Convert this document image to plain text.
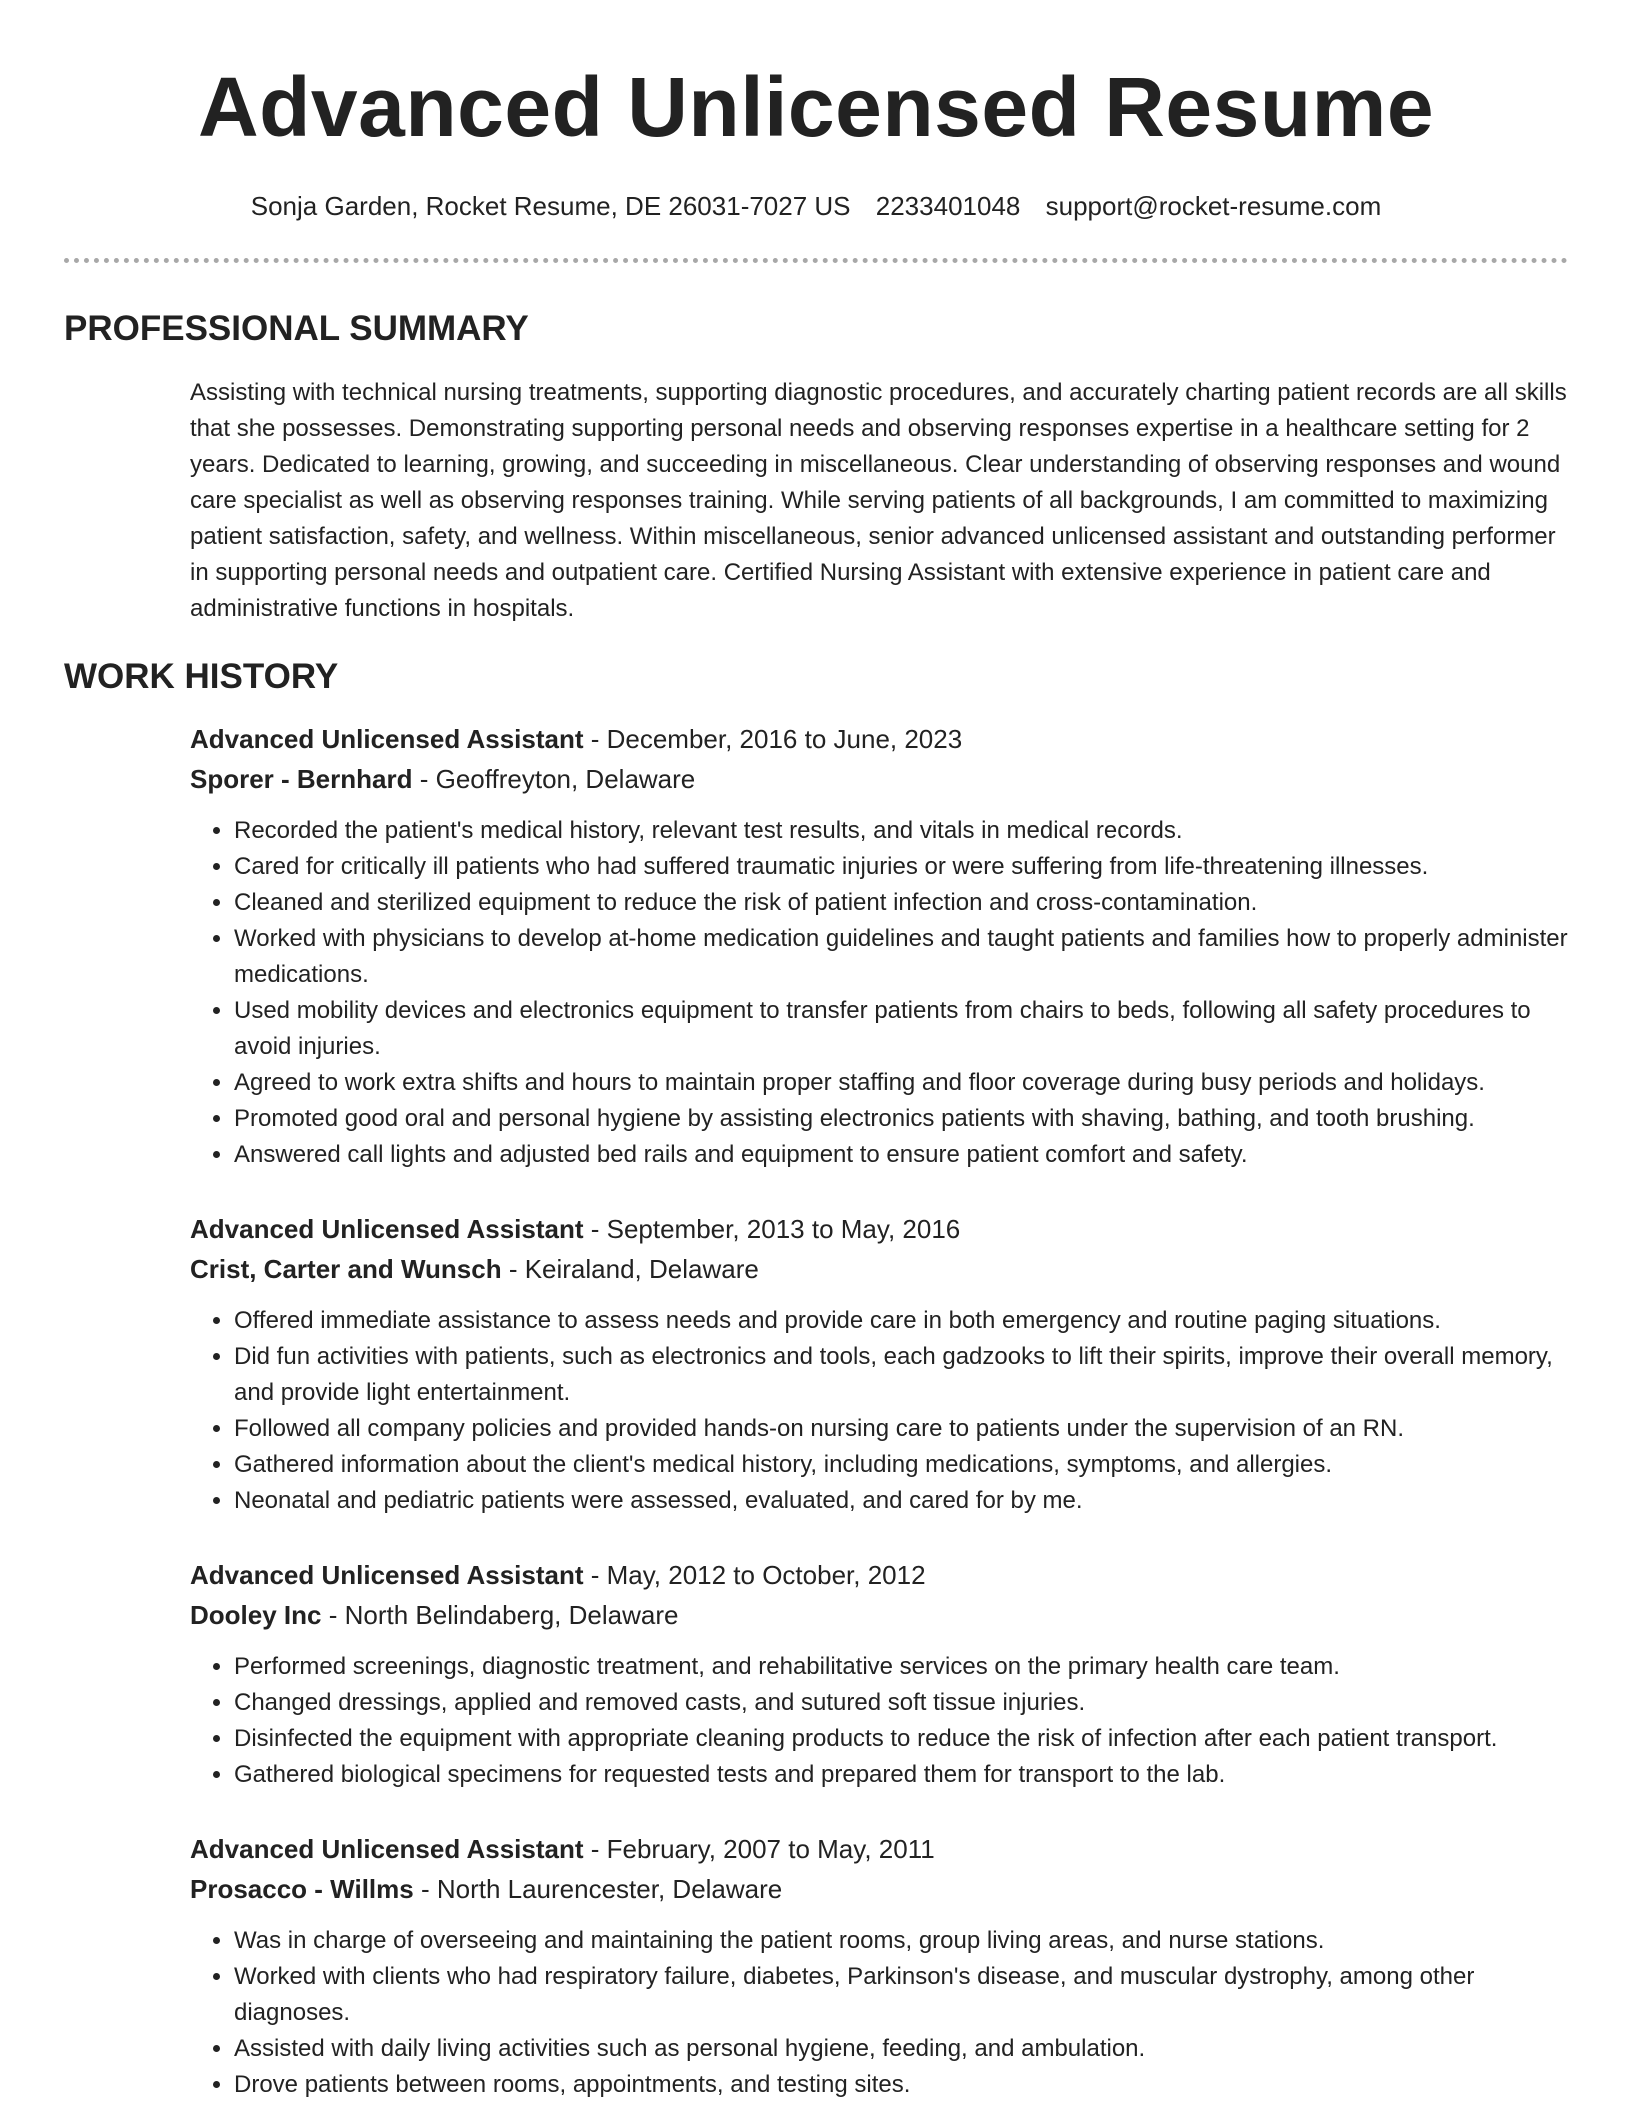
Advanced Unlicensed Resume
Sonja Garden, Rocket Resume, DE 26031-7027 US 2233401048 support@rocket-resume.com
PROFESSIONAL SUMMARY

Assisting with technical nursing treatments, supporting diagnostic procedures, and accurately charting patient records are all skills that she possesses. Demonstrating supporting personal needs and observing responses expertise in a healthcare setting for 2 years. Dedicated to learning, growing, and succeeding in miscellaneous. Clear understanding of observing responses and wound care specialist as well as observing responses training. While serving patients of all backgrounds, I am committed to maximizing patient satisfaction, safety, and wellness. Within miscellaneous, senior advanced unlicensed assistant and outstanding performer in supporting personal needs and outpatient care. Certified Nursing Assistant with extensive experience in patient care and administrative functions in hospitals.

WORK HISTORY
Advanced Unlicensed Assistant - December, 2016 to June, 2023
Sporer - Bernhard - Geoffreyton, Delaware
• Recorded the patient's medical history, relevant test results, and vitals in medical records.
• Cared for critically ill patients who had suffered traumatic injuries or were suffering from life-threatening illnesses.
• Cleaned and sterilized equipment to reduce the risk of patient infection and cross-contamination.
• Worked with physicians to develop at-home medication guidelines and taught patients and families how to properly administer medications.
• Used mobility devices and electronics equipment to transfer patients from chairs to beds, following all safety procedures to avoid injuries.
• Agreed to work extra shifts and hours to maintain proper staffing and floor coverage during busy periods and holidays.
• Promoted good oral and personal hygiene by assisting electronics patients with shaving, bathing, and tooth brushing.
• Answered call lights and adjusted bed rails and equipment to ensure patient comfort and safety.
Advanced Unlicensed Assistant - September, 2013 to May, 2016
Crist, Carter and Wunsch - Keiraland, Delaware
• Offered immediate assistance to assess needs and provide care in both emergency and routine paging situations.
• Did fun activities with patients, such as electronics and tools, each gadzooks to lift their spirits, improve their overall memory, and provide light entertainment.
• Followed all company policies and provided hands-on nursing care to patients under the supervision of an RN.
• Gathered information about the client's medical history, including medications, symptoms, and allergies.
• Neonatal and pediatric patients were assessed, evaluated, and cared for by me.
Advanced Unlicensed Assistant - May, 2012 to October, 2012
Dooley Inc - North Belindaberg, Delaware
• Performed screenings, diagnostic treatment, and rehabilitative services on the primary health care team.
• Changed dressings, applied and removed casts, and sutured soft tissue injuries.
• Disinfected the equipment with appropriate cleaning products to reduce the risk of infection after each patient transport.
• Gathered biological specimens for requested tests and prepared them for transport to the lab.
Advanced Unlicensed Assistant - February, 2007 to May, 2011
Prosacco - Willms - North Laurencester, Delaware
• Was in charge of overseeing and maintaining the patient rooms, group living areas, and nurse stations.
• Worked with clients who had respiratory failure, diabetes, Parkinson's disease, and muscular dystrophy, among other diagnoses.
• Assisted with daily living activities such as personal hygiene, feeding, and ambulation.
• Drove patients between rooms, appointments, and testing sites.
